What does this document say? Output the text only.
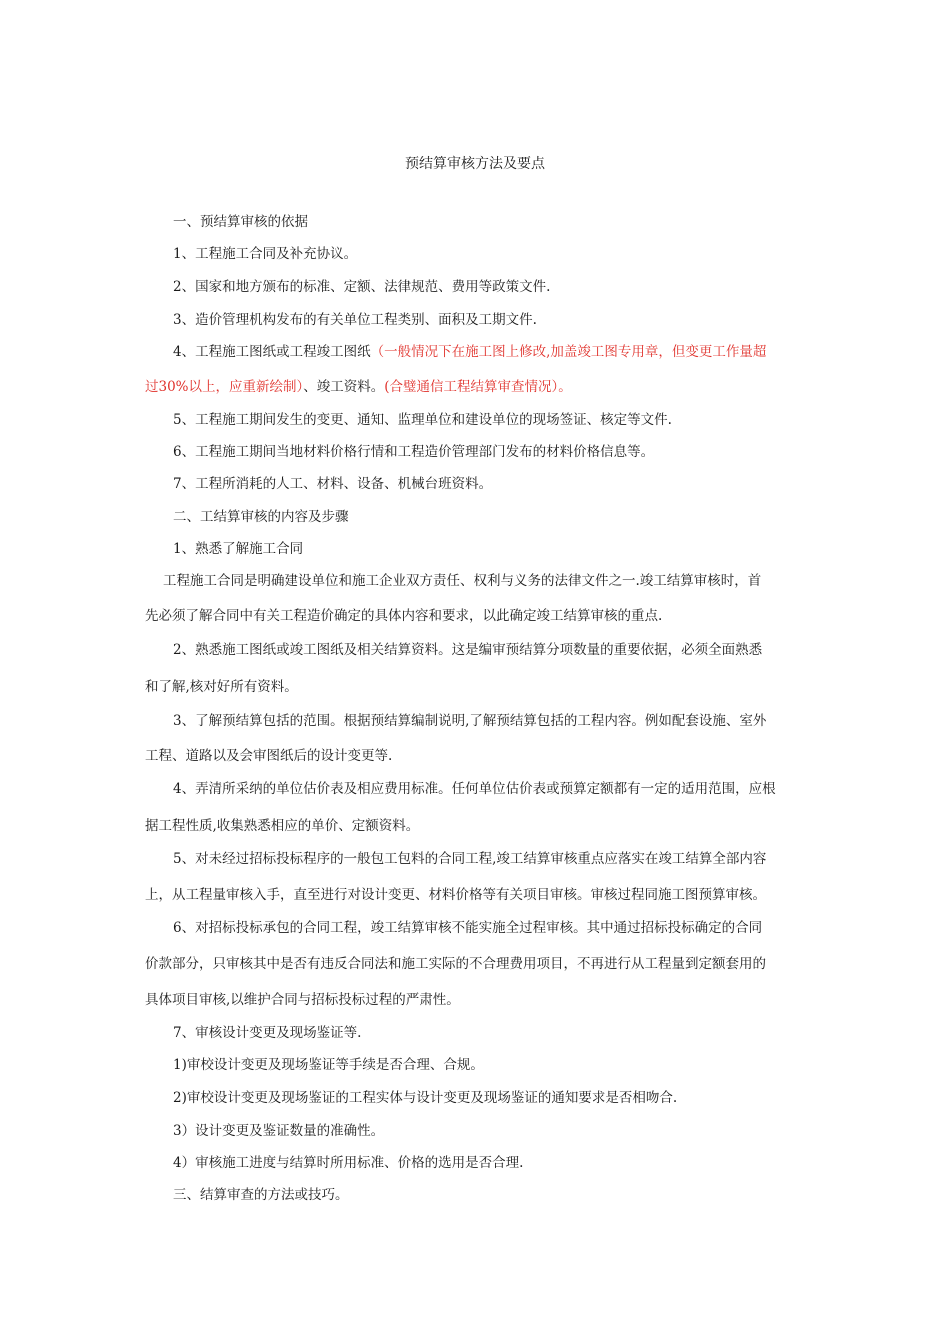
预结算审核方法及要点
一、预结算审核的依据
1、工程施工合同及补充协议。
2、国家和地方颁布的标准、定额、法律规范、费用等政策文件.
3、造价管理机构发布的有关单位工程类别、面积及工期文件.
4、工程施工图纸或工程竣工图纸（一般情况下在施工图上修改,加盖竣工图专用章，但变更工作量超
过30%以上，应重新绘制）、竣工资料。(合璧通信工程结算审查情况）。
5、工程施工期间发生的变更、通知、监理单位和建设单位的现场签证、核定等文件.
6、工程施工期间当地材料价格行情和工程造价管理部门发布的材料价格信息等。
7、工程所消耗的人工、材料、设备、机械台班资料。
二、工结算审核的内容及步骤
1、熟悉了解施工合同
工程施工合同是明确建设单位和施工企业双方责任、权利与义务的法律文件之一.竣工结算审核时，首
先必须了解合同中有关工程造价确定的具体内容和要求，以此确定竣工结算审核的重点.
2、熟悉施工图纸或竣工图纸及相关结算资料。这是编审预结算分项数量的重要依据，必须全面熟悉
和了解,核对好所有资料。
3、了解预结算包括的范围。根据预结算编制说明,了解预结算包括的工程内容。例如配套设施、室外
工程、道路以及会审图纸后的设计变更等.
4、弄清所采纳的单位估价表及相应费用标准。任何单位估价表或预算定额都有一定的适用范围，应根
据工程性质,收集熟悉相应的单价、定额资料。
5、对未经过招标投标程序的一般包工包料的合同工程,竣工结算审核重点应落实在竣工结算全部内容
上，从工程量审核入手，直至进行对设计变更、材料价格等有关项目审核。审核过程同施工图预算审核。
6、对招标投标承包的合同工程，竣工结算审核不能实施全过程审核。其中通过招标投标确定的合同
价款部分，只审核其中是否有违反合同法和施工实际的不合理费用项目，不再进行从工程量到定额套用的
具体项目审核,以维护合同与招标投标过程的严肃性。
7、审核设计变更及现场鉴证等.
1)审校设计变更及现场鉴证等手续是否合理、合规。
2)审校设计变更及现场鉴证的工程实体与设计变更及现场鉴证的通知要求是否相吻合.
3）设计变更及鉴证数量的准确性。
4）审核施工进度与结算时所用标准、价格的选用是否合理.
三、结算审查的方法或技巧。
